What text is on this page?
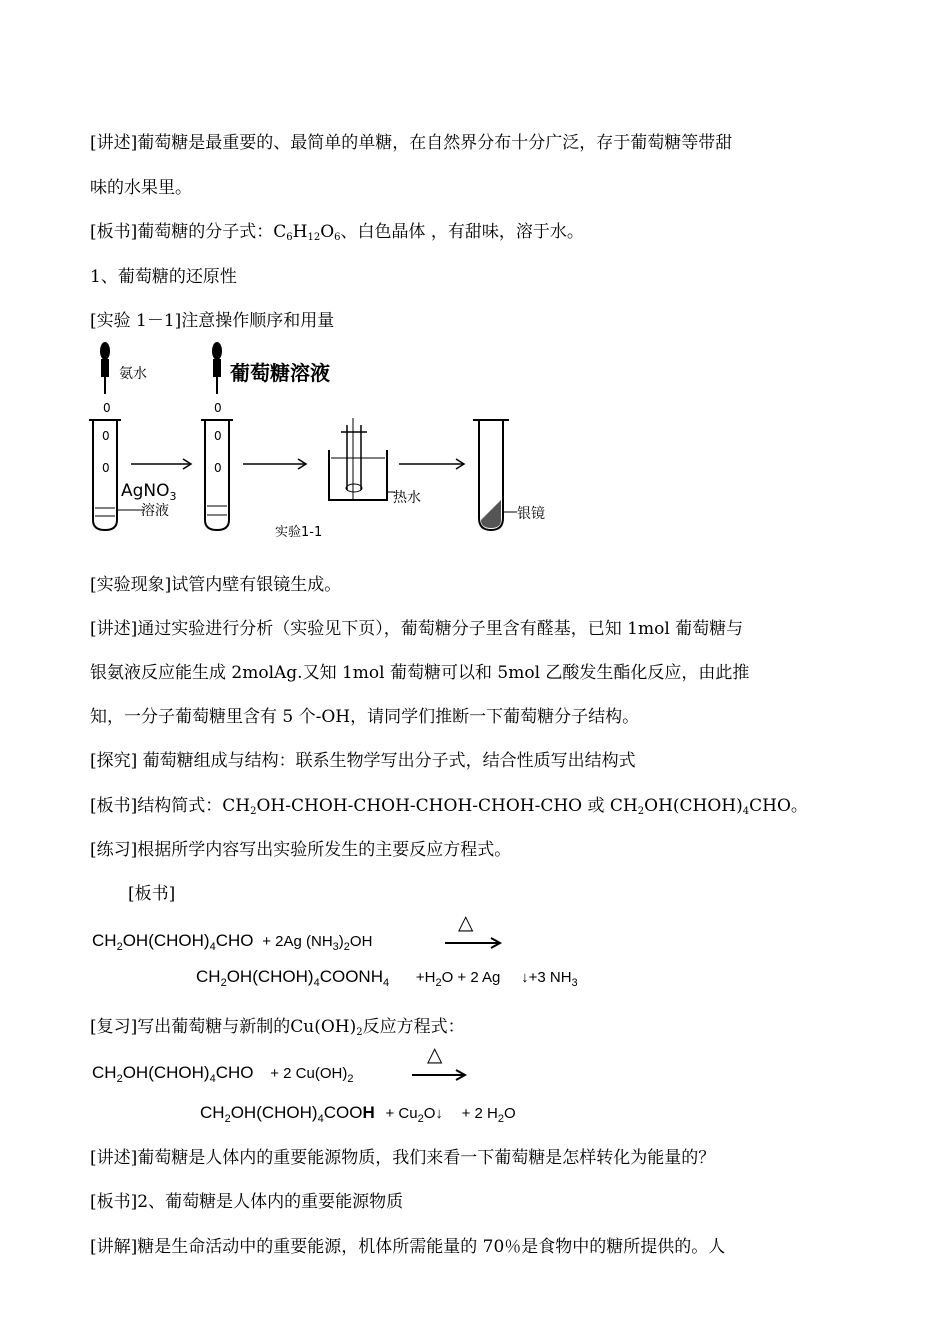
[讲述]葡萄糖是最重要的、最简单的单糖，在自然界分布十分广泛，存于葡萄糖等带甜
味的水果里。
[板书]葡萄糖的分子式：$C_6H_{12}O_6$、白色晶体 ，有甜味，溶于水。
1、葡萄糖的还原性
[实验 1－1]注意操作顺序和用量
0
氨水
0
葡萄糖溶液
0
0
AgNO$_3$
溶液
0
0
热水
银镜
实验1-1
[实验现象]试管内壁有银镜生成。
[讲述]通过实验进行分析（实验见下页），葡萄糖分子里含有醛基，已知 1mol 葡萄糖与
银氨液反应能生成 2molAg.又知 1mol 葡萄糖可以和 5mol 乙酸发生酯化反应，由此推
知，一分子葡萄糖里含有 5 个-OH，请同学们推断一下葡萄糖分子结构。
[探究] 葡萄糖组成与结构：联系生物学写出分子式，结合性质写出结构式
[板书]结构简式：$CH_2OH-CHOH-CHOH-CHOH-CHOH$-CHO 或 $CH_2OH(CHOH)_4CHO$。
[练习]根据所学内容写出实验所发生的主要反应方程式。
[板书]
$CH_2OH(CHOH)_4CHO + 2Ag$ $(NH_3)_2OH$
△
$CH_2OH(CHOH)_4COONH_4 +H_2O + 2$ Ag ↓+3 $NH_3$
[复习]写出葡萄糖与新制的$Cu(OH)_2$反应方程式：
$CH_2OH(CHOH)_4CHO + 2$ $Cu(OH)_2$
△
$CH_2OH(CHOH)_4COOH$ + $Cu_2O↓ + 2$ $H_2O$
[讲述]葡萄糖是人体内的重要能源物质，我们来看一下葡萄糖是怎样转化为能量的？
[板书]2、葡萄糖是人体内的重要能源物质
[讲解]糖是生命活动中的重要能源，机体所需能量的 70％是食物中的糖所提供的。人
